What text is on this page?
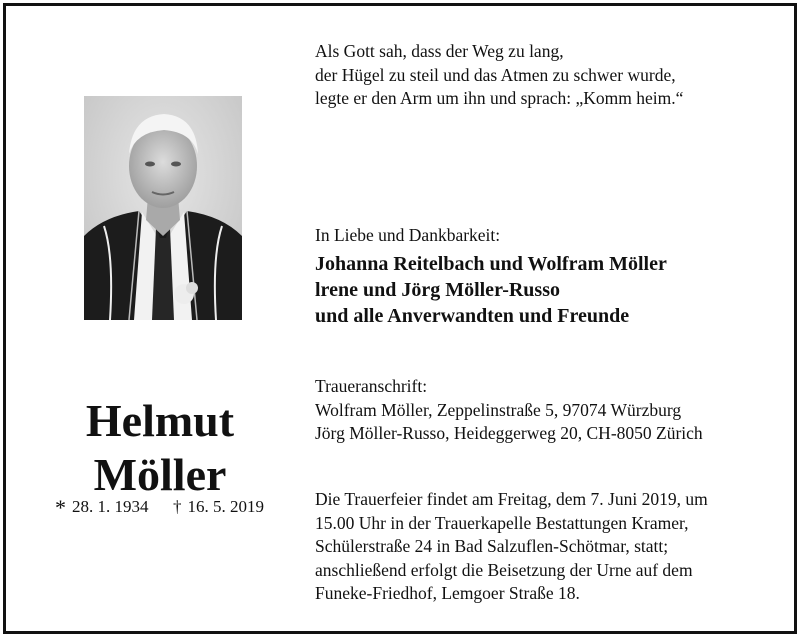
Helmut
Möller
* 28. 1. 1934 † 16. 5. 2019
Als Gott sah, dass der Weg zu lang,
der Hügel zu steil und das Atmen zu schwer wurde,
legte er den Arm um ihn und sprach: „Komm heim.“
In Liebe und Dankbarkeit:
Johanna Reitelbach und Wolfram Möller
lrene und Jörg Möller-Russo
und alle Anverwandten und Freunde
Traueranschrift:
Wolfram Möller, Zeppelinstraße 5, 97074 Würzburg
Jörg Möller-Russo, Heideggerweg 20, CH-8050 Zürich
Die Trauerfeier findet am Freitag, dem 7. Juni 2019, um
15.00 Uhr in der Trauerkapelle Bestattungen Kramer,
Schülerstraße 24 in Bad Salzuflen-Schötmar, statt;
anschließend erfolgt die Beisetzung der Urne auf dem
Funeke-Friedhof, Lemgoer Straße 18.
